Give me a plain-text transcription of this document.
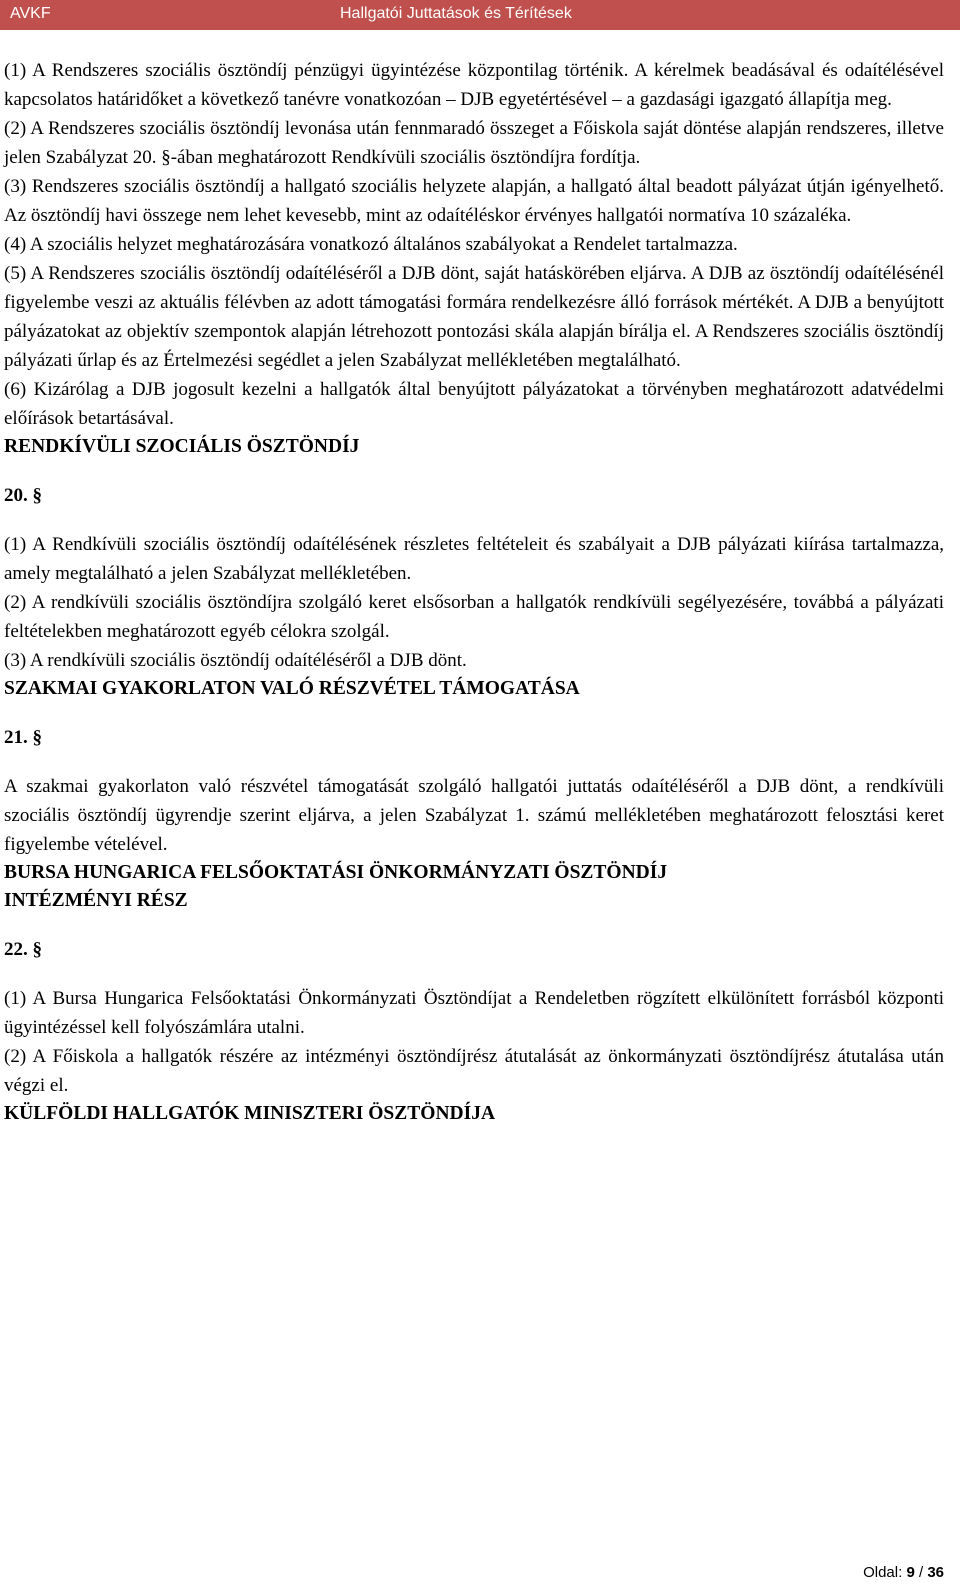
AVKF	Hallgatói Juttatások és Térítések

(1) A Rendszeres szociális ösztöndíj pénzügyi ügyintézése központilag történik. A kérelmek beadásával és odaítélésével kapcsolatos határidőket a következő tanévre vonatkozóan – DJB egyetértésével – a gazdasági igazgató állapítja meg.

(2) A Rendszeres szociális ösztöndíj levonása után fennmaradó összeget a Főiskola saját döntése alapján rendszeres, illetve jelen Szabályzat 20. §-ában meghatározott Rendkívüli szociális ösztöndíjra fordítja.

(3) Rendszeres szociális ösztöndíj a hallgató szociális helyzete alapján, a hallgató által beadott pályázat útján igényelhető. Az ösztöndíj havi összege nem lehet kevesebb, mint az odaítéléskor érvényes hallgatói normatíva 10 százaléka.

(4) A szociális helyzet meghatározására vonatkozó általános szabályokat a Rendelet tartalmazza.

(5) A Rendszeres szociális ösztöndíj odaítéléséről a DJB dönt, saját hatáskörében eljárva. A DJB az ösztöndíj odaítélésénél figyelembe veszi az aktuális félévben az adott támogatási formára rendelkezésre álló források mértékét. A DJB a benyújtott pályázatokat az objektív szempontok alapján létrehozott pontozási skála alapján bírálja el. A Rendszeres szociális ösztöndíj pályázati űrlap és az Értelmezési segédlet a jelen Szabályzat mellékletében megtalálható.

(6) Kizárólag a DJB jogosult kezelni a hallgatók által benyújtott pályázatokat a törvényben meghatározott adatvédelmi előírások betartásával.

RENDKÍVÜLI SZOCIÁLIS ÖSZTÖNDÍJ

20. §

(1) A Rendkívüli szociális ösztöndíj odaítélésének részletes feltételeit és szabályait a DJB pályázati kiírása tartalmazza, amely megtalálható a jelen Szabályzat mellékletében.

(2) A rendkívüli szociális ösztöndíjra szolgáló keret elsősorban a hallgatók rendkívüli segélyezésére, továbbá a pályázati feltételekben meghatározott egyéb célokra szolgál.

(3) A rendkívüli szociális ösztöndíj odaítéléséről a DJB dönt.

SZAKMAI GYAKORLATON VALÓ RÉSZVÉTEL TÁMOGATÁSA

21. §

A szakmai gyakorlaton való részvétel támogatását szolgáló hallgatói juttatás odaítéléséről a DJB dönt, a rendkívüli szociális ösztöndíj ügyrendje szerint eljárva, a jelen Szabályzat 1. számú mellékletében meghatározott felosztási keret figyelembe vételével.

BURSA HUNGARICA FELSŐOKTATÁSI ÖNKORMÁNYZATI ÖSZTÖNDÍJ

INTÉZMÉNYI RÉSZ

22. §

(1) A Bursa Hungarica Felsőoktatási Önkormányzati Ösztöndíjat a Rendeletben rögzített elkülönített forrásból központi ügyintézéssel kell folyószámlára utalni.

(2) A Főiskola a hallgatók részére az intézményi ösztöndíjrész átutalását az önkormányzati ösztöndíjrész átutalása után végzi el.

KÜLFÖLDI HALLGATÓK MINISZTERI ÖSZTÖNDÍJA

Oldal: 9 / 36
